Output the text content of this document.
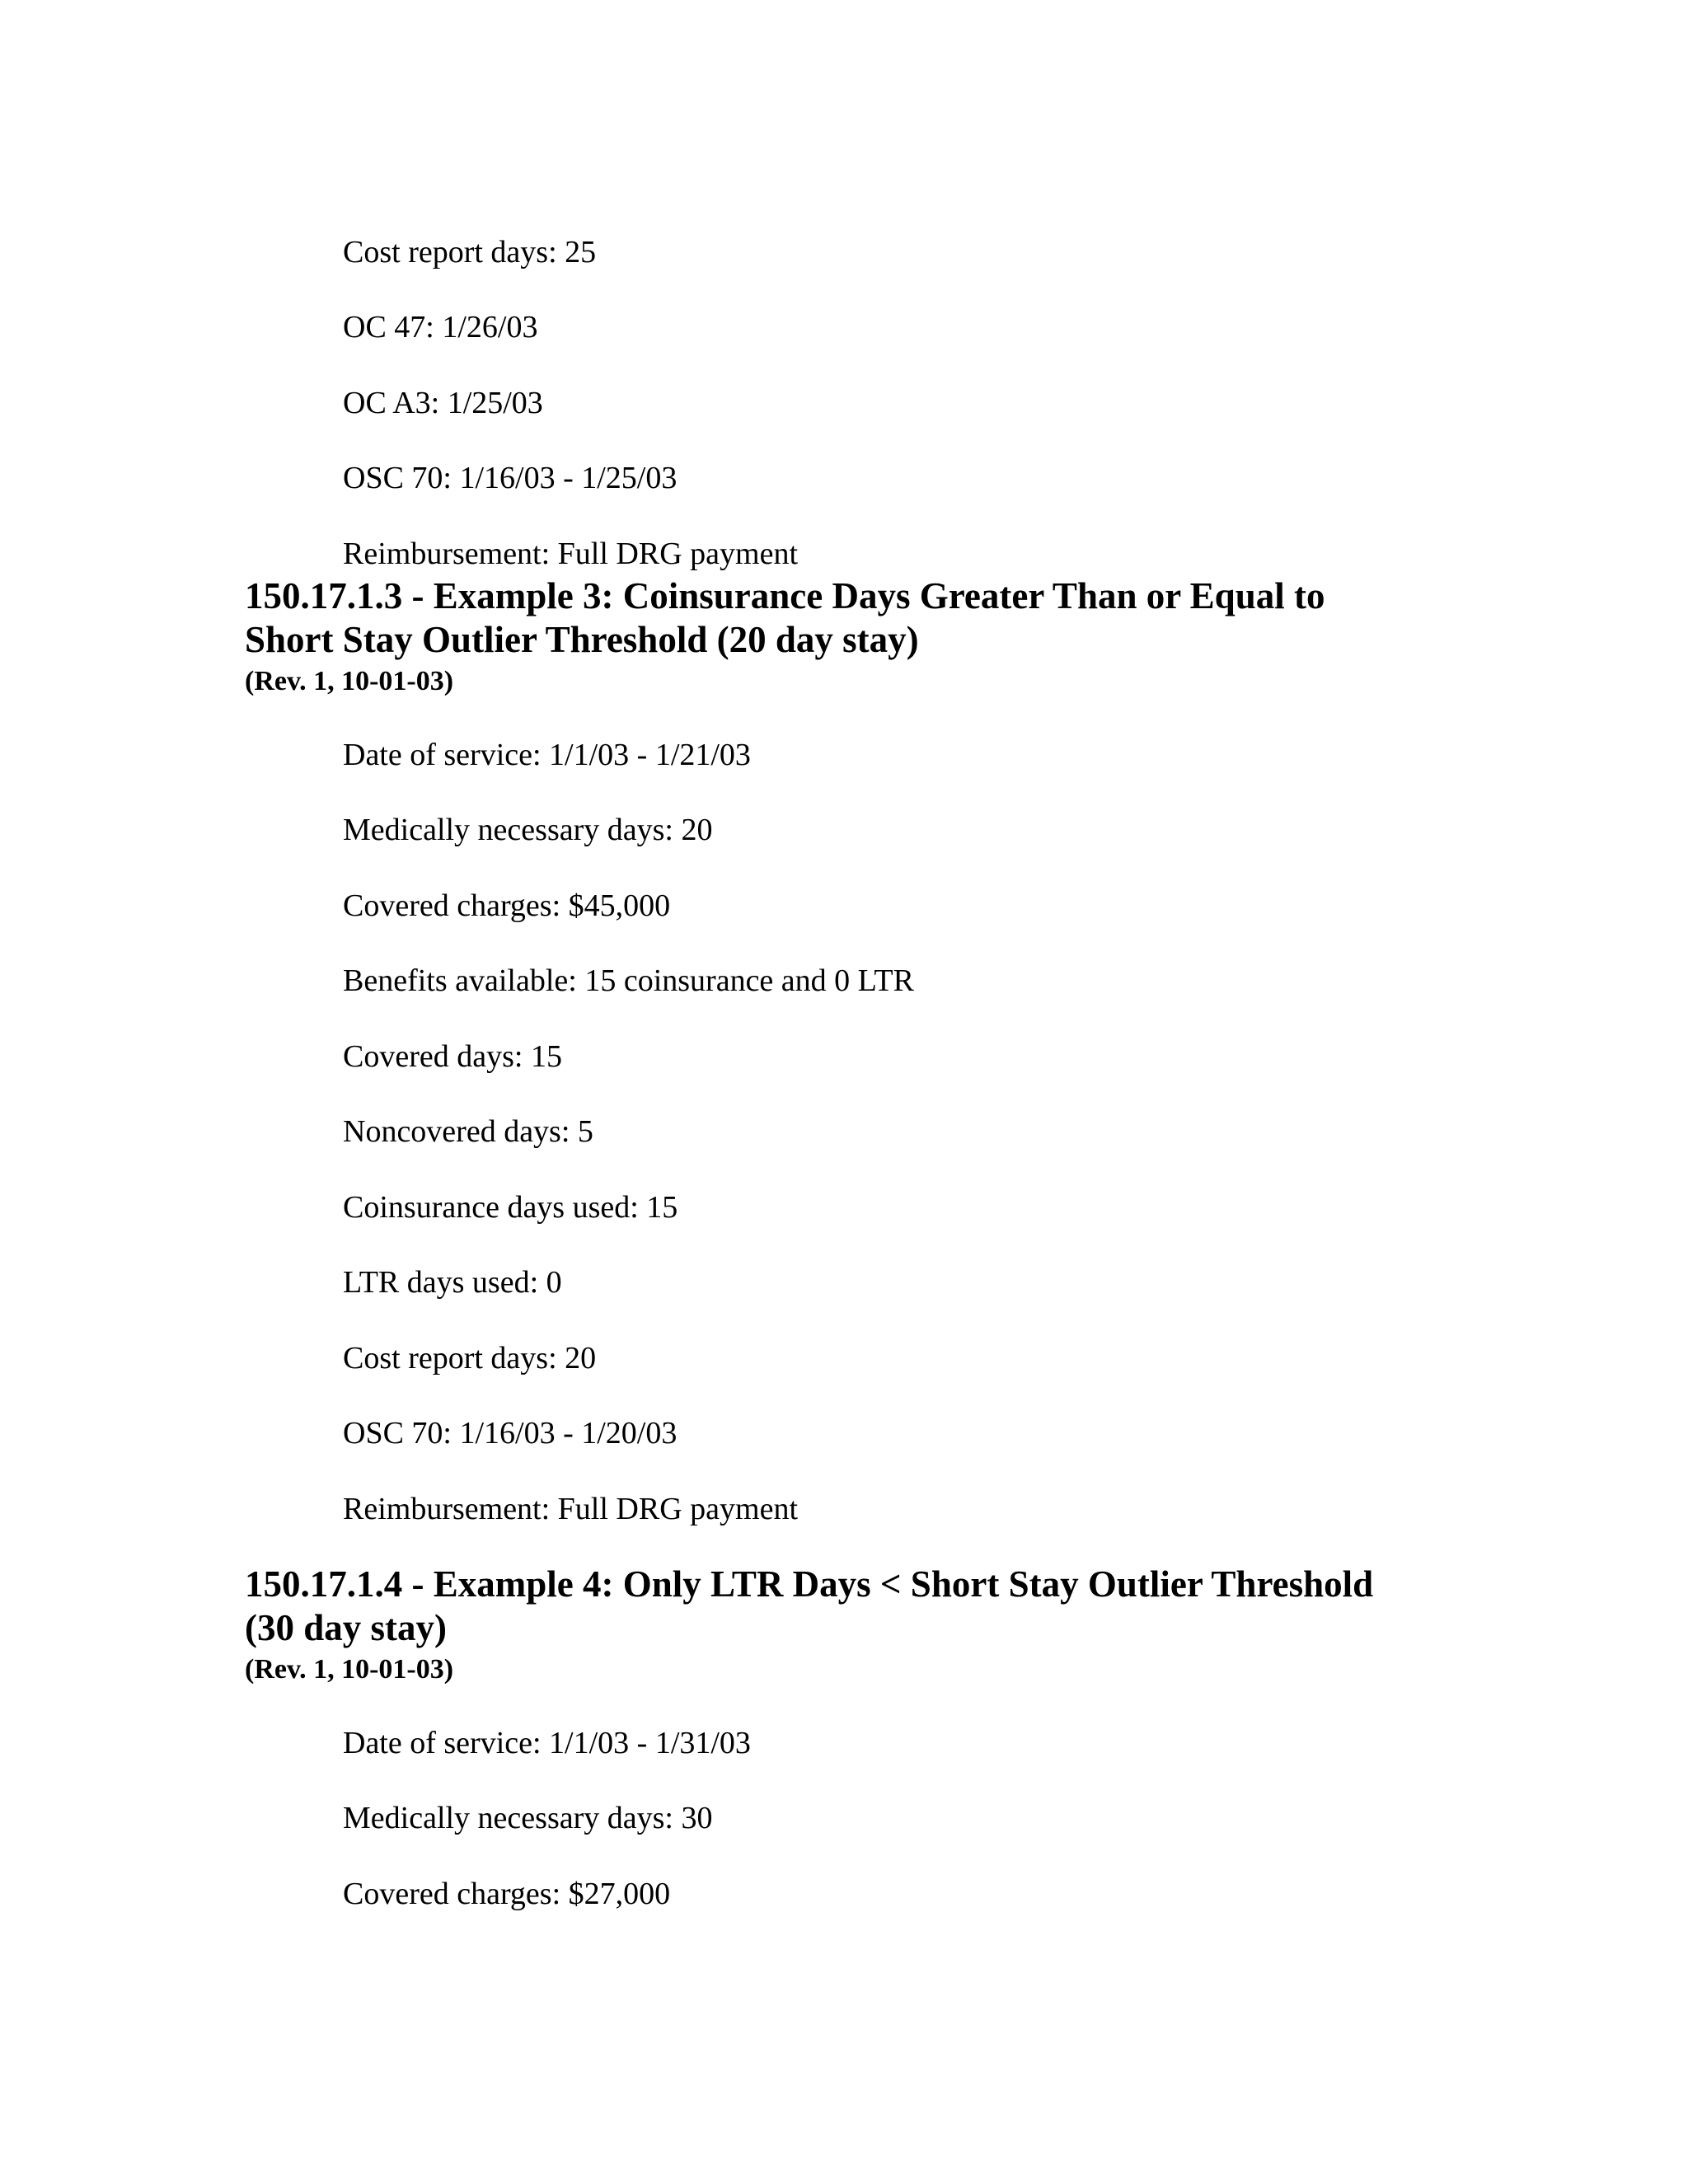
Cost report days: 25
OC 47: 1/26/03
OC A3: 1/25/03
OSC 70: 1/16/03 - 1/25/03
Reimbursement: Full DRG payment
150.17.1.3 - Example 3: Coinsurance Days Greater Than or Equal to
Short Stay Outlier Threshold (20 day stay)
(Rev. 1, 10-01-03)
Date of service: 1/1/03 - 1/21/03
Medically necessary days: 20
Covered charges: $45,000
Benefits available: 15 coinsurance and 0 LTR
Covered days: 15
Noncovered days: 5
Coinsurance days used: 15
LTR days used: 0
Cost report days: 20
OSC 70: 1/16/03 - 1/20/03
Reimbursement: Full DRG payment
150.17.1.4 - Example 4: Only LTR Days < Short Stay Outlier Threshold
(30 day stay)
(Rev. 1, 10-01-03)
Date of service: 1/1/03 - 1/31/03
Medically necessary days: 30
Covered charges: $27,000
